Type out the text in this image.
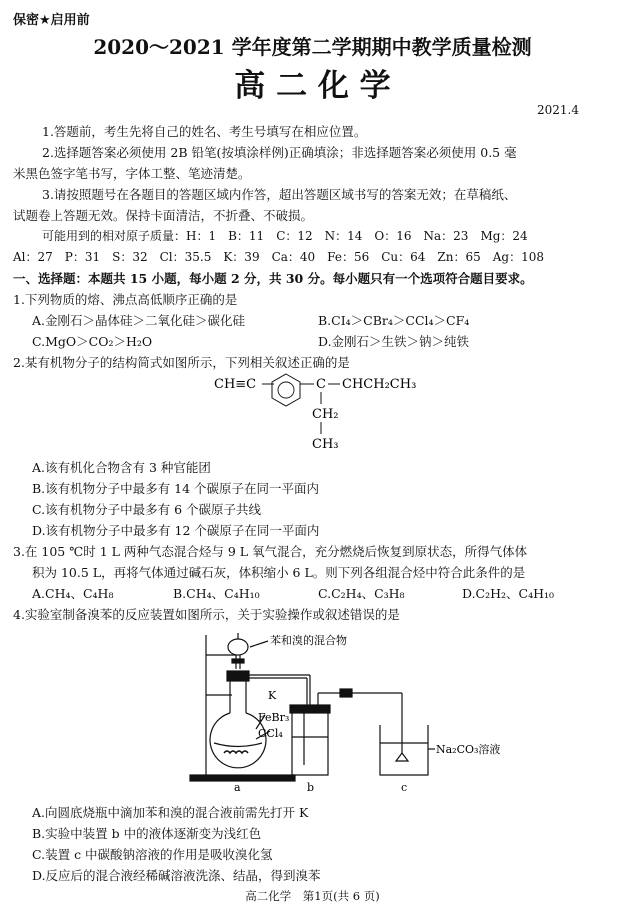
保密★启用前
2020～2021 学年度第二学期期中教学质量检测
高 二 化 学
2021.4
1.答题前，考生先将自己的姓名、考生号填写在相应位置。
2.选择题答案必须使用 2B 铅笔(按填涂样例)正确填涂；非选择题答案必须使用 0.5 毫
米黑色签字笔书写，字体工整、笔迹清楚。
3.请按照题号在各题目的答题区域内作答，超出答题区域书写的答案无效；在草稿纸、
试题卷上答题无效。保持卡面清洁，不折叠、不破损。
可能用到的相对原子质量：H：1　B：11　C：12　N：14　O：16　Na：23　Mg：24
Al：27　P：31　S：32　Cl：35.5　K：39　Ca：40　Fe：56　Cu：64　Zn：65　Ag：108
一、选择题：本题共 15 小题，每小题 2 分，共 30 分。每小题只有一个选项符合题目要求。
1.下列物质的熔、沸点高低顺序正确的是
A.金刚石＞晶体硅＞二氧化硅＞碳化硅	B.CI₄＞CBr₄＞CCl₄＞CF₄
C.MgO＞CO₂＞H₂O	D.金刚石＞生铁＞钠＞纯铁
2.某有机物分子的结构简式如图所示，下列相关叙述正确的是
CH≡C	C CHCH₂CH₃
CH₂
CH₃
A.该有机化合物含有 3 种官能团
B.该有机物分子中最多有 14 个碳原子在同一平面内
C.该有机物分子中最多有 6 个碳原子共线
D.该有机物分子中最多有 12 个碳原子在同一平面内
3.在 105 ℃时 1 L 两种气态混合烃与 9 L 氧气混合，充分燃烧后恢复到原状态，所得气体体
积为 10.5 L，再将气体通过碱石灰，体积缩小 6 L。则下列各组混合烃中符合此条件的是
A.CH₄、C₄H₈	B.CH₄、C₄H₁₀	C.C₂H₄、C₃H₈	D.C₂H₂、C₄H₁₀
4.实验室制备溴苯的反应装置如图所示，关于实验操作或叙述错误的是
苯和溴的混合物
K
FeBr₃
CCl₄
Na₂CO₃溶液
a	b	c
A.向圆底烧瓶中滴加苯和溴的混合液前需先打开 K
B.实验中装置 b 中的液体逐渐变为浅红色
C.装置 c 中碳酸钠溶液的作用是吸收溴化氢
D.反应后的混合液经稀碱溶液洗涤、结晶，得到溴苯
高二化学　第1页(共 6 页)
